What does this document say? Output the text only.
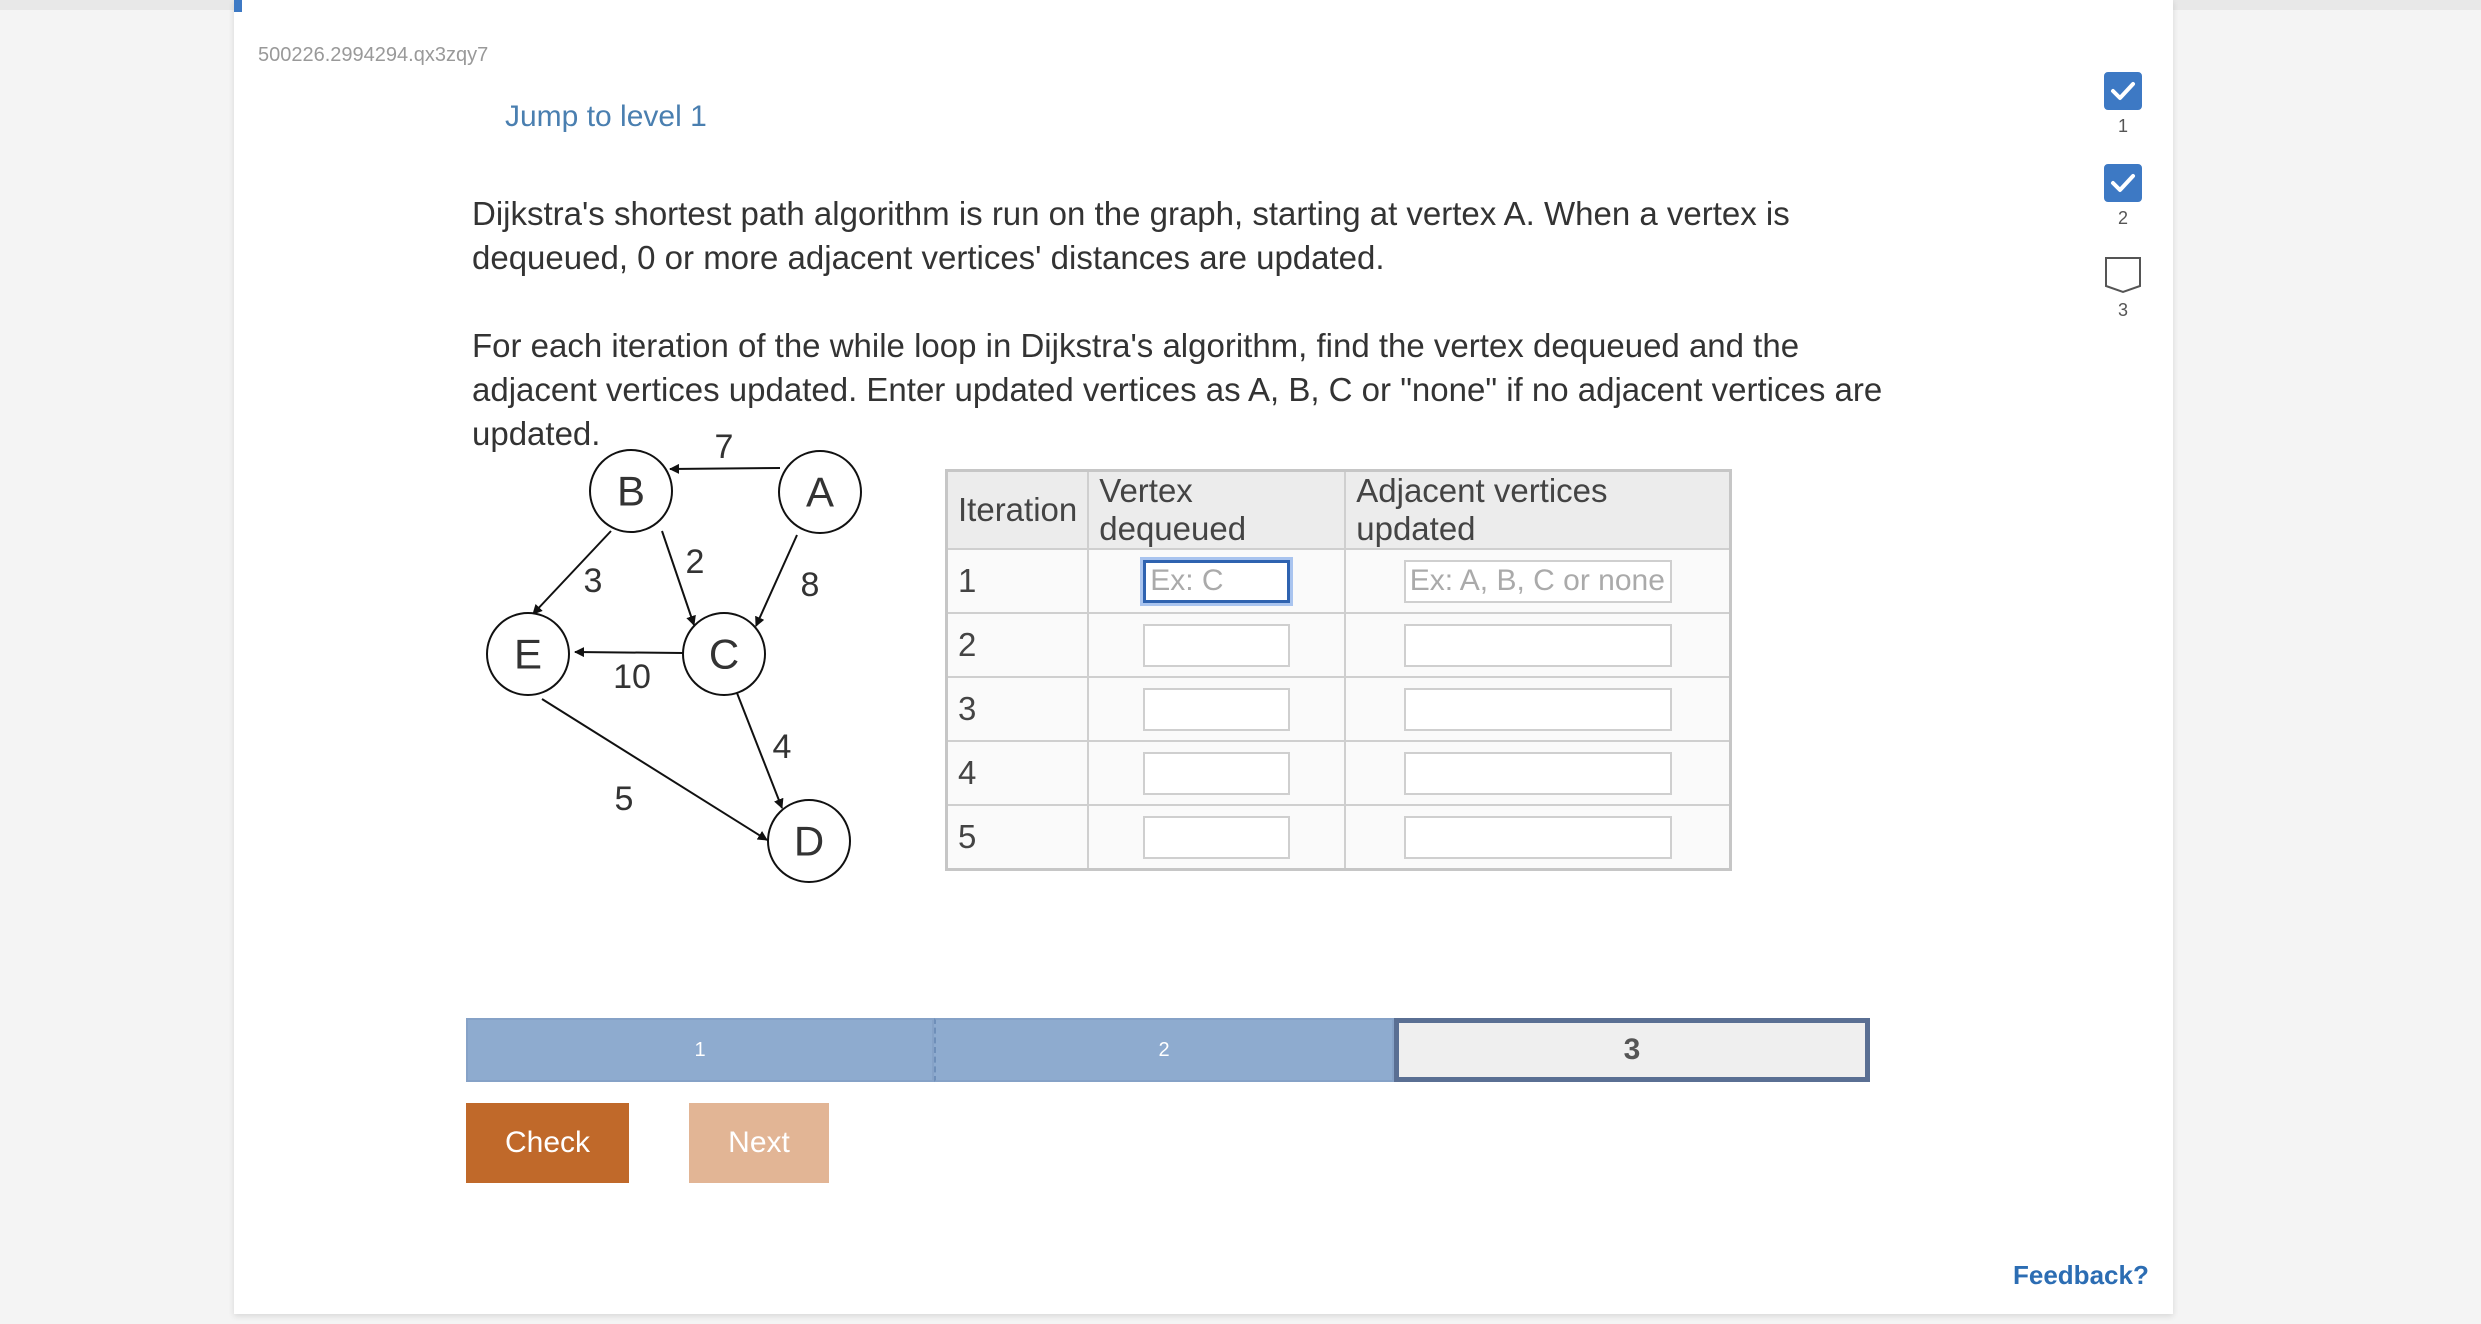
500226.2994294.qx3zqy7
Jump to level 1

Dijkstra's shortest path algorithm is run on the graph, starting at vertex A. When a vertex is dequeued, 0 or more adjacent vertices' distances are updated.

For each iteration of the while loop in Dijkstra's algorithm, find the vertex dequeued and the adjacent vertices updated. Enter updated vertices as A, B, C or "none" if no adjacent vertices are updated.	7
8
2
3
10
4
5
A
B
C
D
E
Iteration	Vertex dequeued	Adjacent vertices updated
1	Ex: C	Ex: A, B, C or none
2		
3		
4		
5		
1	2	3
Check	Next
Feedback?
1
2
3
